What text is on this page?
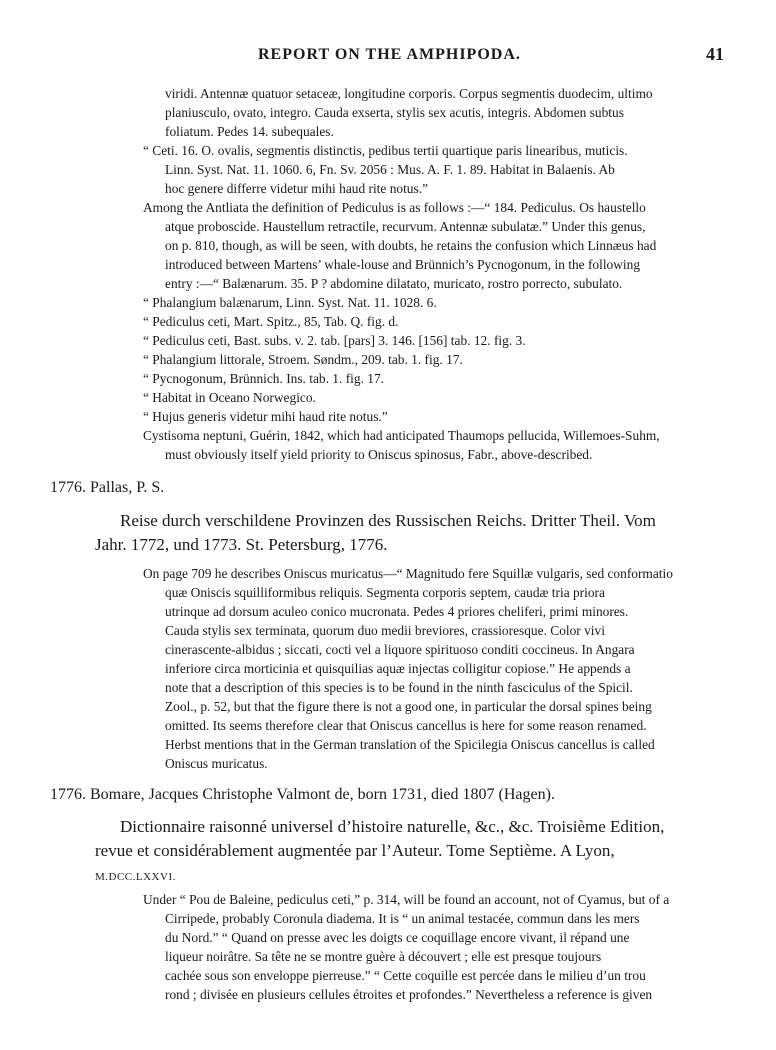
REPORT ON THE AMPHIPODA.	41
viridi. Antennæ quatuor setaceæ, longitudine corporis. Corpus segmentis duodecim, ultimo
planiusculo, ovato, integro. Cauda exserta, stylis sex acutis, integris. Abdomen subtus
foliatum. Pedes 14. subequales.
“ Ceti. 16. O. ovalis, segmentis distinctis, pedibus tertii quartique paris linearibus, muticis.
Linn. Syst. Nat. 11. 1060. 6, Fn. Sv. 2056 : Mus. A. F. 1. 89. Habitat in Balaenis. Ab
hoc genere differre videtur mihi haud rite notus.”
Among the Antliata the definition of Pediculus is as follows :—“ 184. Pediculus. Os haustello
atque proboscide. Haustellum retractile, recurvum. Antennæ subulatæ.” Under this genus,
on p. 810, though, as will be seen, with doubts, he retains the confusion which Linnæus had
introduced between Martens’ whale-louse and Brünnich’s Pycnogonum, in the following
entry :—“ Balænarum. 35. P ? abdomine dilatato, muricato, rostro porrecto, subulato.
“ Phalangium balænarum, Linn. Syst. Nat. 11. 1028. 6.
“ Pediculus ceti, Mart. Spitz., 85, Tab. Q. fig. d.
“ Pediculus ceti, Bast. subs. v. 2. tab. [pars] 3. 146. [156] tab. 12. fig. 3.
“ Phalangium littorale, Stroem. Søndm., 209. tab. 1. fig. 17.
“ Pycnogonum, Brünnich. Ins. tab. 1. fig. 17.
“ Habitat in Oceano Norwegico.
“ Hujus generis videtur mihi haud rite notus.”
Cystisoma neptuni, Guérin, 1842, which had anticipated Thaumops pellucida, Willemoes-Suhm,
must obviously itself yield priority to Oniscus spinosus, Fabr., above-described.
1776. Pallas, P. S.
Reise durch verschildene Provinzen des Russischen Reichs. Dritter Theil. Vom
Jahr. 1772, und 1773. St. Petersburg, 1776.
On page 709 he describes Oniscus muricatus—“ Magnitudo fere Squillæ vulgaris, sed conformatio
quæ Oniscis squilliformibus reliquis. Segmenta corporis septem, caudæ tria priora
utrinque ad dorsum aculeo conico mucronata. Pedes 4 priores cheliferi, primi minores.
Cauda stylis sex terminata, quorum duo medii breviores, crassioresque. Color vivi
cinerascente-albidus ; siccati, cocti vel a liquore spirituoso conditi coccineus. In Angara
inferiore circa morticinia et quisquilias aquæ injectas colligitur copiose.” He appends a
note that a description of this species is to be found in the ninth fasciculus of the Spicil.
Zool., p. 52, but that the figure there is not a good one, in particular the dorsal spines being
omitted. Its seems therefore clear that Oniscus cancellus is here for some reason renamed.
Herbst mentions that in the German translation of the Spicilegia Oniscus cancellus is called
Oniscus muricatus.
1776. Bomare, Jacques Christophe Valmont de, born 1731, died 1807 (Hagen).
Dictionnaire raisonné universel d’histoire naturelle, &c., &c. Troisième Edition,
revue et considérablement augmentée par l’Auteur. Tome Septième. A Lyon,
M.DCC.LXXVI.
Under “ Pou de Baleine, pediculus ceti,” p. 314, will be found an account, not of Cyamus, but of a
Cirripede, probably Coronula diadema. It is “ un animal testacée, commun dans les mers
du Nord.” “ Quand on presse avec les doigts ce coquillage encore vivant, il répand une
liqueur noirâtre. Sa tête ne se montre guère à découvert ; elle est presque toujours
cachée sous son enveloppe pierreuse.” “ Cette coquille est percée dans le milieu d’un trou
rond ; divisée en plusieurs cellules étroites et profondes.” Nevertheless a reference is given
